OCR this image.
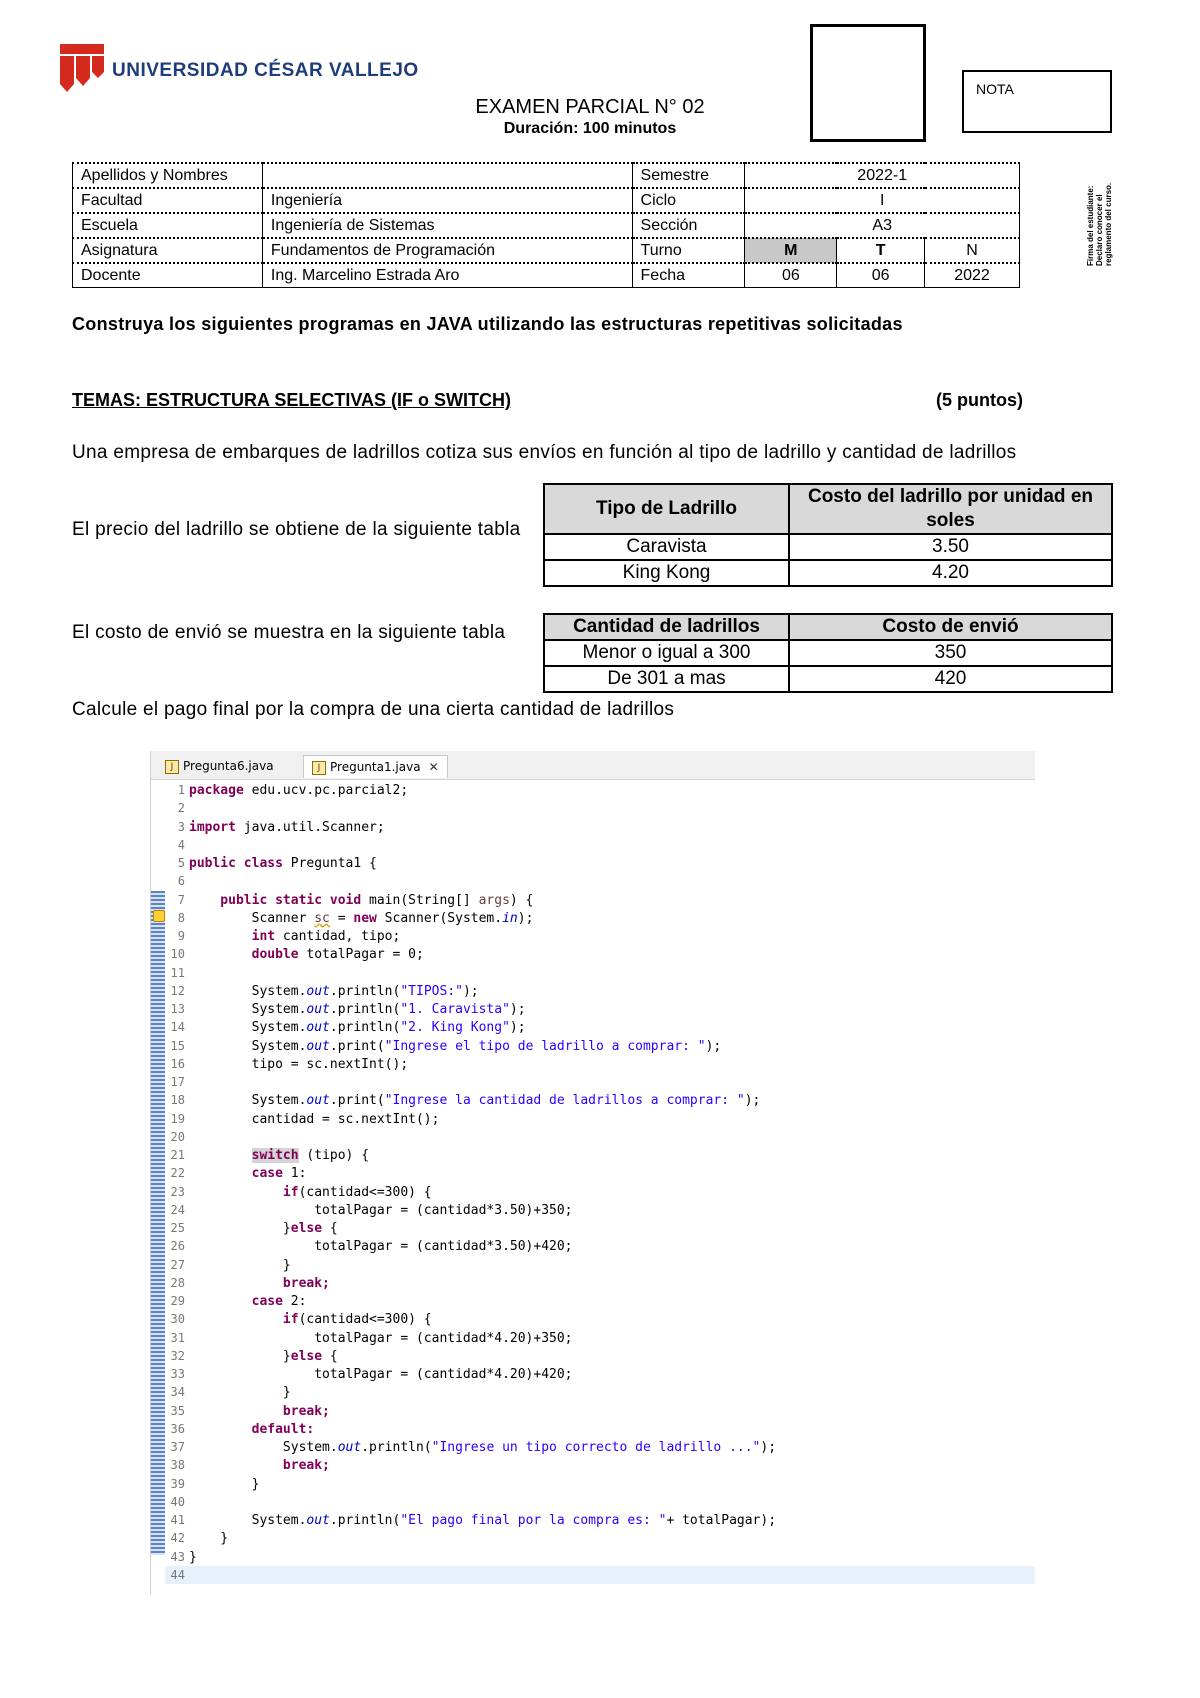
UNIVERSIDAD CÉSAR VALLEJO
EXAMEN PARCIAL N° 02
Duración: 100 minutos
NOTA
Apellidos y Nombres		Semestre	2022-1		
Facultad	Ingeniería	Ciclo	I		
Escuela	Ingeniería de Sistemas	Sección	A3		
Asignatura	Fundamentos de Programación	Turno	M	T	N
Docente	Ing. Marcelino Estrada Aro	Fecha	06	06	2022
Firma del estudiante: Declaro conocer el reglamento del curso.
Construya los siguientes programas en JAVA utilizando las estructuras repetitivas solicitadas
TEMAS: ESTRUCTURA SELECTIVAS (IF o SWITCH)	(5 puntos)
Una empresa de embarques de ladrillos cotiza sus envíos en función al tipo de ladrillo y cantidad de ladrillos
El precio del ladrillo se obtiene de la siguiente tabla
El costo de envió se muestra en la siguiente tabla
Calcule el pago final por la compra de una cierta cantidad de ladrillos
Tipo de Ladrillo	Costo del ladrillo por unidad en soles
Caravista	3.50
King Kong	4.20
Cantidad de ladrillos	Costo de envió
Menor o igual a 300	350
De 301 a mas	420
J Pregunta6.java	J Pregunta1.java ✕
1 package edu.ucv.pc.parcial2;
2
3 import java.util.Scanner;
4
5 public class Pregunta1 {
6
7    public static void main(String[] args) {
8        Scanner sc = new Scanner(System.in);
9        int cantidad, tipo;
10        double totalPagar = 0;
11
12        System.out.println("TIPOS:");
13        System.out.println("1. Caravista");
14        System.out.println("2. King Kong");
15        System.out.print("Ingrese el tipo de ladrillo a comprar: ");
16        tipo = sc.nextInt();
17
18        System.out.print("Ingrese la cantidad de ladrillos a comprar: ");
19        cantidad = sc.nextInt();
20
21	switch (tipo) {
22        case 1:
23            if(cantidad<=300) {
24                totalPagar = (cantidad*3.50)+350;
25            }else {
26                totalPagar = (cantidad*3.50)+420;
27            }
28            break;
29        case 2:
30            if(cantidad<=300) {
31                totalPagar = (cantidad*4.20)+350;
32            }else {
33                totalPagar = (cantidad*4.20)+420;
34            }
35            break;
36        default:
37            System.out.println("Ingrese un tipo correcto de ladrillo ...");
38            break;
39        }
40
41        System.out.println("El pago final por la compra es: "+ totalPagar);
42    }
43 }
44
